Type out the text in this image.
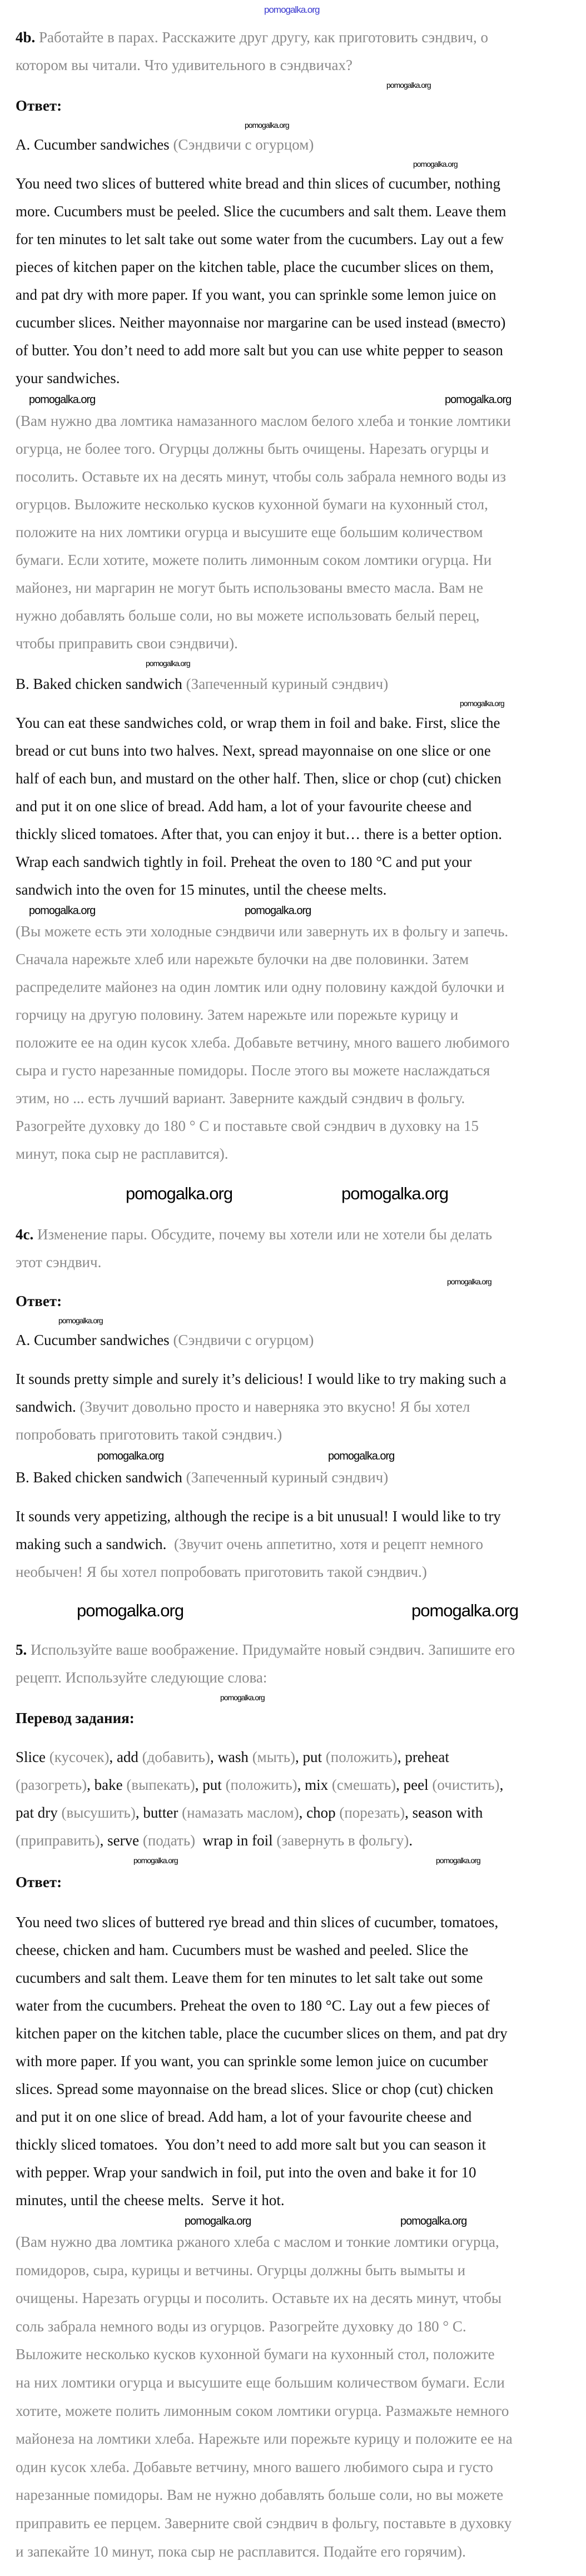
4b. Работайте в парах. Расскажите друг другу, как приготовить сэндвич, о
котором вы читали. Что удивительного в сэндвичах?
Ответ:
A. Cucumber sandwiches (Сэндвичи с огурцом)
You need two slices of buttered white bread and thin slices of cucumber, nothing
more. Cucumbers must be peeled. Slice the cucumbers and salt them. Leave them
for ten minutes to let salt take out some water from the cucumbers. Lay out a few
pieces of kitchen paper on the kitchen table, place the cucumber slices on them,
and pat dry with more paper. If you want, you can sprinkle some lemon juice on
cucumber slices. Neither mayonnaise nor margarine can be used instead (вместо)
of butter. You don’t need to add more salt but you can use white pepper to season
your sandwiches.
(Вам нужно два ломтика намазанного маслом белого хлеба и тонкие ломтики
огурца, не более того. Огурцы должны быть очищены. Нарезать огурцы и
посолить. Оставьте их на десять минут, чтобы соль забрала немного воды из
огурцов. Выложите несколько кусков кухонной бумаги на кухонный стол,
положите на них ломтики огурца и высушите еще большим количеством
бумаги. Если хотите, можете полить лимонным соком ломтики огурца. Ни
майонез, ни маргарин не могут быть использованы вместо масла. Вам не
нужно добавлять больше соли, но вы можете использовать белый перец,
чтобы приправить свои сэндвичи).
B. Baked chicken sandwich (Запеченный куриный сэндвич)
You can eat these sandwiches cold, or wrap them in foil and bake. First, slice the
bread or cut buns into two halves. Next, spread mayonnaise on one slice or one
half of each bun, and mustard on the other half. Then, slice or chop (cut) chicken
and put it on one slice of bread. Add ham, a lot of your favourite cheese and
thickly sliced tomatoes. After that, you can enjoy it but… there is a better option.
Wrap each sandwich tightly in foil. Preheat the oven to 180 °C and put your
sandwich into the oven for 15 minutes, until the cheese melts.
(Вы можете есть эти холодные сэндвичи или завернуть их в фольгу и запечь.
Сначала нарежьте хлеб или нарежьте булочки на две половинки. Затем
распределите майонез на один ломтик или одну половину каждой булочки и
горчицу на другую половину. Затем нарежьте или порежьте курицу и
положите ее на один кусок хлеба. Добавьте ветчину, много вашего любимого
сыра и густо нарезанные помидоры. После этого вы можете наслаждаться
этим, но ... есть лучший вариант. Заверните каждый сэндвич в фольгу.
Разогрейте духовку до 180 ° С и поставьте свой сэндвич в духовку на 15
минут, пока сыр не расплавится).
4c. Изменение пары. Обсудите, почему вы хотели или не хотели бы делать
этот сэндвич.
Ответ:
A. Cucumber sandwiches (Сэндвичи с огурцом)
It sounds pretty simple and surely it’s delicious! I would like to try making such a
sandwich. (Звучит довольно просто и наверняка это вкусно! Я бы хотел
попробовать приготовить такой сэндвич.)
B. Baked chicken sandwich (Запеченный куриный сэндвич)
It sounds very appetizing, although the recipe is a bit unusual! I would like to try
making such a sandwich.  (Звучит очень аппетитно, хотя и рецепт немного
необычен! Я бы хотел попробовать приготовить такой сэндвич.)
5. Используйте ваше воображение. Придумайте новый сэндвич. Запишите его
рецепт. Используйте следующие слова:
Перевод задания:
Slice (кусочек), add (добавить), wash (мыть), put (положить), preheat
(разогреть), bake (выпекать), put (положить), mix (смешать), peel (очистить),
pat dry (высушить), butter (намазать маслом), chop (порезать), season with
(приправить), serve (подать)  wrap in foil (завернуть в фольгу).
Ответ:
You need two slices of buttered rye bread and thin slices of cucumber, tomatoes,
cheese, chicken and ham. Cucumbers must be washed and peeled. Slice the
cucumbers and salt them. Leave them for ten minutes to let salt take out some
water from the cucumbers. Preheat the oven to 180 °C. Lay out a few pieces of
kitchen paper on the kitchen table, place the cucumber slices on them, and pat dry
with more paper. If you want, you can sprinkle some lemon juice on cucumber
slices. Spread some mayonnaise on the bread slices. Slice or chop (cut) chicken
and put it on one slice of bread. Add ham, a lot of your favourite cheese and
thickly sliced tomatoes.  You don’t need to add more salt but you can season it
with pepper. Wrap your sandwich in foil, put into the oven and bake it for 10
minutes, until the cheese melts.  Serve it hot.
(Вам нужно два ломтика ржаного хлеба с маслом и тонкие ломтики огурца,
помидоров, сыра, курицы и ветчины. Огурцы должны быть вымыты и
очищены. Нарезать огурцы и посолить. Оставьте их на десять минут, чтобы
соль забрала немного воды из огурцов. Разогрейте духовку до 180 ° С.
Выложите несколько кусков кухонной бумаги на кухонный стол, положите
на них ломтики огурца и высушите еще большим количеством бумаги. Если
хотите, можете полить лимонным соком ломтики огурца. Размажьте немного
майонеза на ломтики хлеба. Нарежьте или порежьте курицу и положите ее на
один кусок хлеба. Добавьте ветчину, много вашего любимого сыра и густо
нарезанные помидоры. Вам не нужно добавлять больше соли, но вы можете
приправить ее перцем. Заверните свой сэндвич в фольгу, поставьте в духовку
и запекайте 10 минут, пока сыр не расплавится. Подайте его горячим).
pomogalka.org
pomogalka.org
pomogalka.org
pomogalka.org
pomogalka.org	pomogalka.org
pomogalka.org
pomogalka.org
pomogalka.org	pomogalka.org
pomogalka.org	pomogalka.org
pomogalka.org
pomogalka.org
pomogalka.org	pomogalka.org
pomogalka.org	pomogalka.org
pomogalka.org
pomogalka.org	pomogalka.org
pomogalka.org	pomogalka.org
